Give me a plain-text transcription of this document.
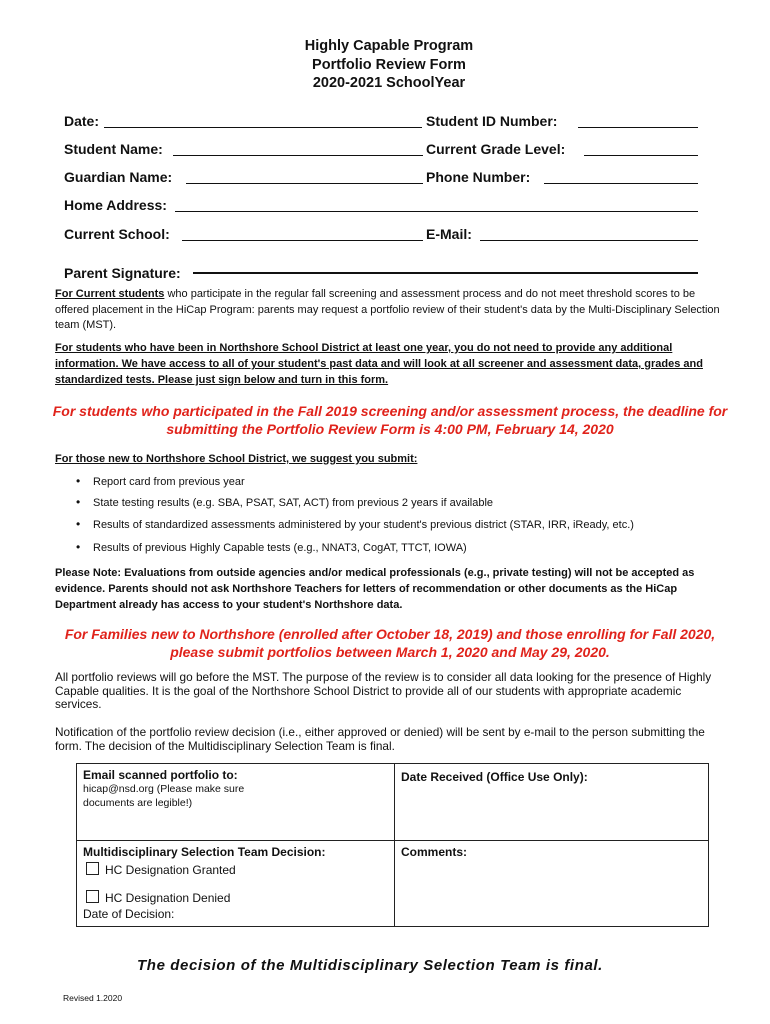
Highly Capable Program
Portfolio Review Form
2020-2021 SchoolYear
Date:	Student ID Number:
Student Name:	Current Grade Level:
Guardian Name:	Phone Number:
Home Address:
Current School:	E-Mail:
Parent Signature:
For Current students who participate in the regular fall screening and assessment process and do not meet threshold scores to be offered placement in the HiCap Program: parents may request a portfolio review of their student's data by the Multi-Disciplinary Selection team (MST).
For students who have been in Northshore School District at least one year, you do not need to provide any additional information. We have access to all of your student's past data and will look at all screener and assessment data, grades and standardized tests. Please just sign below and turn in this form.
For students who participated in the Fall 2019 screening and/or assessment process, the deadline for submitting the Portfolio Review Form is 4:00 PM, February 14, 2020
For those new to Northshore School District, we suggest you submit:
• Report card from previous year
• State testing results (e.g. SBA, PSAT, SAT, ACT) from previous 2 years if available
• Results of standardized assessments administered by your student's previous district (STAR, IRR, iReady, etc.)
• Results of previous Highly Capable tests (e.g., NNAT3, CogAT, TTCT, IOWA)
Please Note: Evaluations from outside agencies and/or medical professionals (e.g., private testing) will not be accepted as evidence. Parents should not ask Northshore Teachers for letters of recommendation or other documents as the HiCap Department already has access to your student's Northshore data.
For Families new to Northshore (enrolled after October 18, 2019) and those enrolling for Fall 2020, please submit portfolios between March 1, 2020 and May 29, 2020.
All portfolio reviews will go before the MST. The purpose of the review is to consider all data looking for the presence of Highly Capable qualities. It is the goal of the Northshore School District to provide all of our students with appropriate academic services.
Notification of the portfolio review decision (i.e., either approved or denied) will be sent by e-mail to the person submitting the form. The decision of the Multidisciplinary Selection Team is final.
Email scanned portfolio to:
hicap@nsd.org (Please make sure documents are legible!)	Date Received (Office Use Only):

Multidisciplinary Selection Team Decision:
HC Designation Granted
HC Designation Denied
Date of Decision:	Comments:
The decision of the Multidisciplinary Selection Team is final.
Revised 1.2020
